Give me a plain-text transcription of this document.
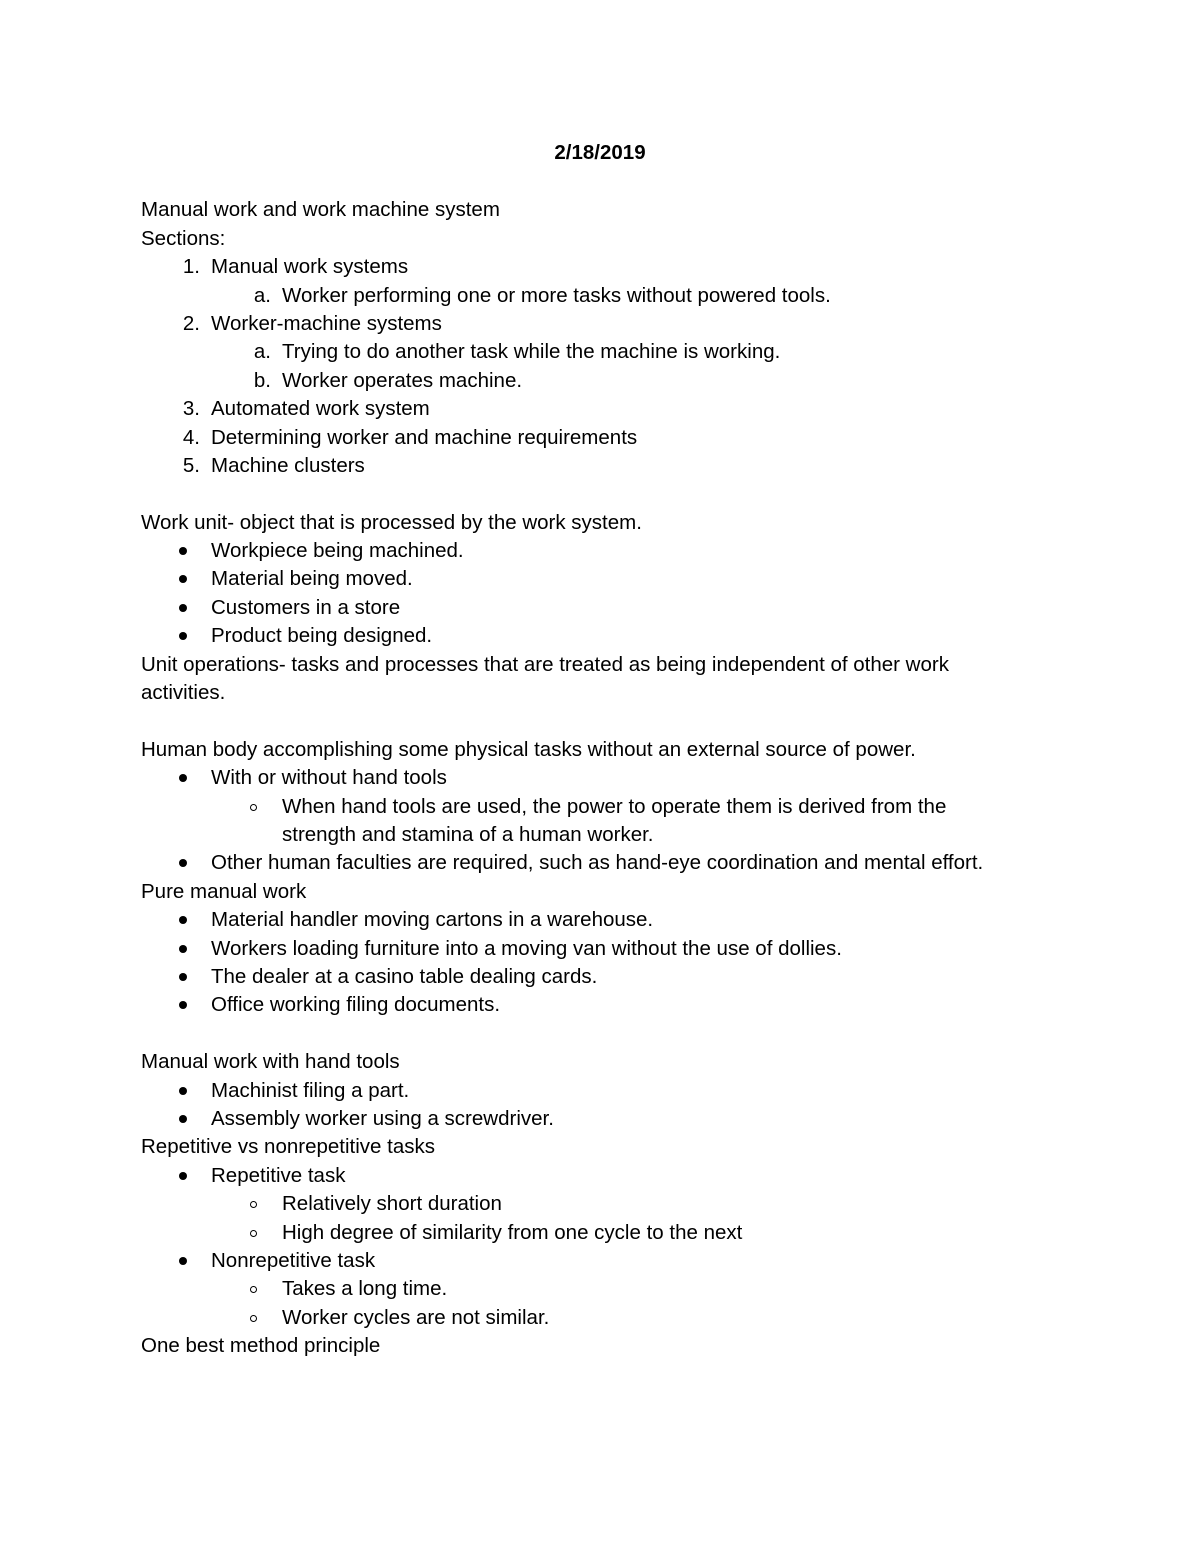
2/18/2019
Manual work and work machine system
Sections:
1. Manual work systems
a. Worker performing one or more tasks without powered tools.
2. Worker-machine systems
a. Trying to do another task while the machine is working.
b. Worker operates machine.
3. Automated work system
4. Determining worker and machine requirements
5. Machine clusters
Work unit- object that is processed by the work system.
Workpiece being machined.
Material being moved.
Customers in a store
Product being designed.
Unit operations- tasks and processes that are treated as being independent of other work activities.
Human body accomplishing some physical tasks without an external source of power.
With or without hand tools
When hand tools are used, the power to operate them is derived from the strength and stamina of a human worker.
Other human faculties are required, such as hand-eye coordination and mental effort.
Pure manual work
Material handler moving cartons in a warehouse.
Workers loading furniture into a moving van without the use of dollies.
The dealer at a casino table dealing cards.
Office working filing documents.
Manual work with hand tools
Machinist filing a part.
Assembly worker using a screwdriver.
Repetitive vs nonrepetitive tasks
Repetitive task
Relatively short duration
High degree of similarity from one cycle to the next
Nonrepetitive task
Takes a long time.
Worker cycles are not similar.
One best method principle
